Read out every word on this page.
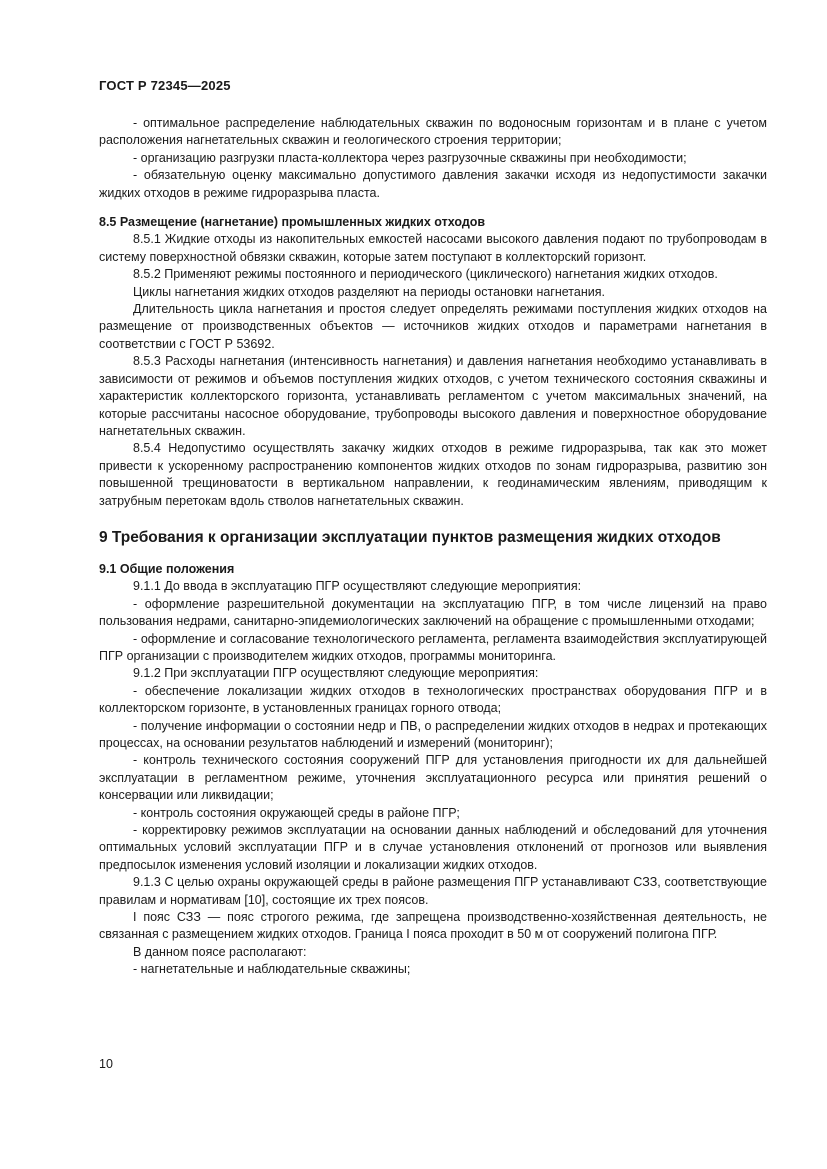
ГОСТ Р 72345—2025

- оптимальное распределение наблюдательных скважин по водоносным горизонтам и в плане с учетом расположения нагнетательных скважин и геологического строения территории;

- организацию разгрузки пласта-коллектора через разгрузочные скважины при необходимости;

- обязательную оценку максимально допустимого давления закачки исходя из недопустимости закачки жидких отходов в режиме гидроразрыва пласта.

8.5 Размещение (нагнетание) промышленных жидких отходов

8.5.1 Жидкие отходы из накопительных емкостей насосами высокого давления подают по трубопроводам в систему поверхностной обвязки скважин, которые затем поступают в коллекторский горизонт.

8.5.2 Применяют режимы постоянного и периодического (циклического) нагнетания жидких отходов.

Циклы нагнетания жидких отходов разделяют на периоды остановки нагнетания.

Длительность цикла нагнетания и простоя следует определять режимами поступления жидких отходов на размещение от производственных объектов — источников жидких отходов и параметрами нагнетания в соответствии с ГОСТ Р 53692.

8.5.3 Расходы нагнетания (интенсивность нагнетания) и давления нагнетания необходимо устанавливать в зависимости от режимов и объемов поступления жидких отходов, с учетом технического состояния скважины и характеристик коллекторского горизонта, устанавливать регламентом с учетом максимальных значений, на которые рассчитаны насосное оборудование, трубопроводы высокого давления и поверхностное оборудование нагнетательных скважин.

8.5.4 Недопустимо осуществлять закачку жидких отходов в режиме гидроразрыва, так как это может привести к ускоренному распространению компонентов жидких отходов по зонам гидроразрыва, развитию зон повышенной трещиноватости в вертикальном направлении, к геодинамическим явлениям, приводящим к затрубным перетокам вдоль стволов нагнетательных скважин.

9 Требования к организации эксплуатации пунктов размещения жидких отходов

9.1 Общие положения

9.1.1 До ввода в эксплуатацию ПГР осуществляют следующие мероприятия:

- оформление разрешительной документации на эксплуатацию ПГР, в том числе лицензий на право пользования недрами, санитарно-эпидемиологических заключений на обращение с промышленными отходами;

- оформление и согласование технологического регламента, регламента взаимодействия эксплуатирующей ПГР организации с производителем жидких отходов, программы мониторинга.

9.1.2 При эксплуатации ПГР осуществляют следующие мероприятия:

- обеспечение локализации жидких отходов в технологических пространствах оборудования ПГР и в коллекторском горизонте, в установленных границах горного отвода;

- получение информации о состоянии недр и ПВ, о распределении жидких отходов в недрах и протекающих процессах, на основании результатов наблюдений и измерений (мониторинг);

- контроль технического состояния сооружений ПГР для установления пригодности их для дальнейшей эксплуатации в регламентном режиме, уточнения эксплуатационного ресурса или принятия решений о консервации или ликвидации;

- контроль состояния окружающей среды в районе ПГР;

- корректировку режимов эксплуатации на основании данных наблюдений и обследований для уточнения оптимальных условий эксплуатации ПГР и в случае установления отклонений от прогнозов или выявления предпосылок изменения условий изоляции и локализации жидких отходов.

9.1.3 С целью охраны окружающей среды в районе размещения ПГР устанавливают СЗЗ, соответствующие правилам и нормативам [10], состоящие их трех поясов.

I пояс СЗЗ — пояс строгого режима, где запрещена производственно-хозяйственная деятельность, не связанная с размещением жидких отходов. Граница I пояса проходит в 50 м от сооружений полигона ПГР.

В данном поясе располагают:

- нагнетательные и наблюдательные скважины;

10
